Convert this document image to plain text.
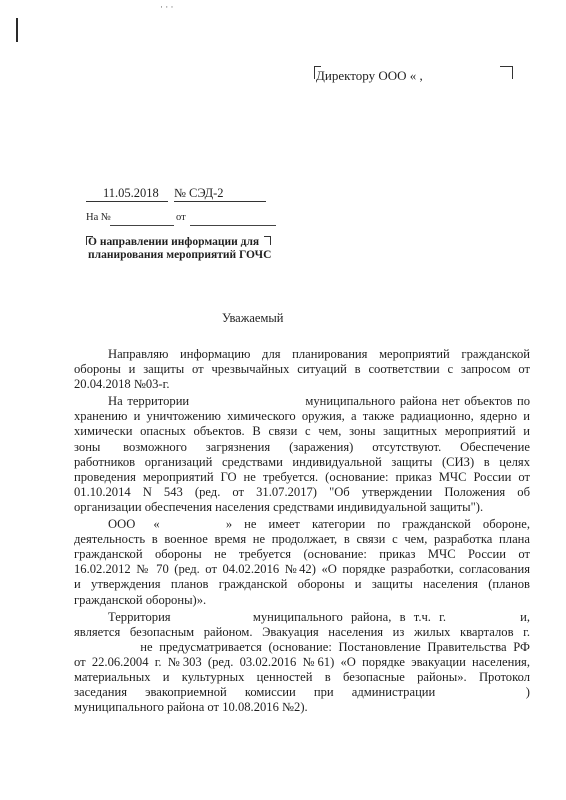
· · ·
Директору ООО « ,
11.05.2018 № СЭД-2
На №	от
О направлении информации для планирования мероприятий ГОЧС
Уважаемый
Направляю информацию для планирования мероприятий гражданской
обороны и защиты от чрезвычайных ситуаций в соответствии с запросом от
20.04.2018 №03-г.
На территории                         муниципального района нет объектов по
хранению и уничтожению химического оружия, а также радиационно, ядерно и
химически опасных объектов. В связи с чем, зоны защитных мероприятий и
зоны      возможного     загрязнения     (заражения)     отсутствуют.     Обеспечение
работников организаций средствами индивидуальной защиты (СИЗ) в целях
проведения мероприятий ГО не требуется. (основание: приказ МЧС России от
01.10.2014  N  543  (ред.  от  31.07.2017)  "Об  утверждении  Положения  об
организации обеспечения населения средствами индивидуальной защиты").
ООО   «           »  не  имеет  категории  по  гражданской  обороне,
деятельность в военное время не продолжает, в связи с чем, разработка плана
гражданской обороны не требуется (основание: приказ МЧС России от
16.02.2012 № 70 (ред. от 04.02.2016 №42) «О порядке разработки, согласования
и  утверждения  планов  гражданской  обороны  и  защиты  населения  (планов
гражданской обороны)».
Территория                    муниципального  района,  в  т.ч.  г.                  и,
является безопасным районом. Эвакуация населения из жилых кварталов г.
не предусматривается (основание: Постановление Правительства РФ
от 22.06.2004 г. №303 (ред. 03.02.2016 №61) «О порядке эвакуации населения,
материальных и культурных ценностей в безопасные районы». Протокол
заседания    эвакоприемной    комиссии    при    администрации                    )
муниципального района от 10.08.2016 №2).
